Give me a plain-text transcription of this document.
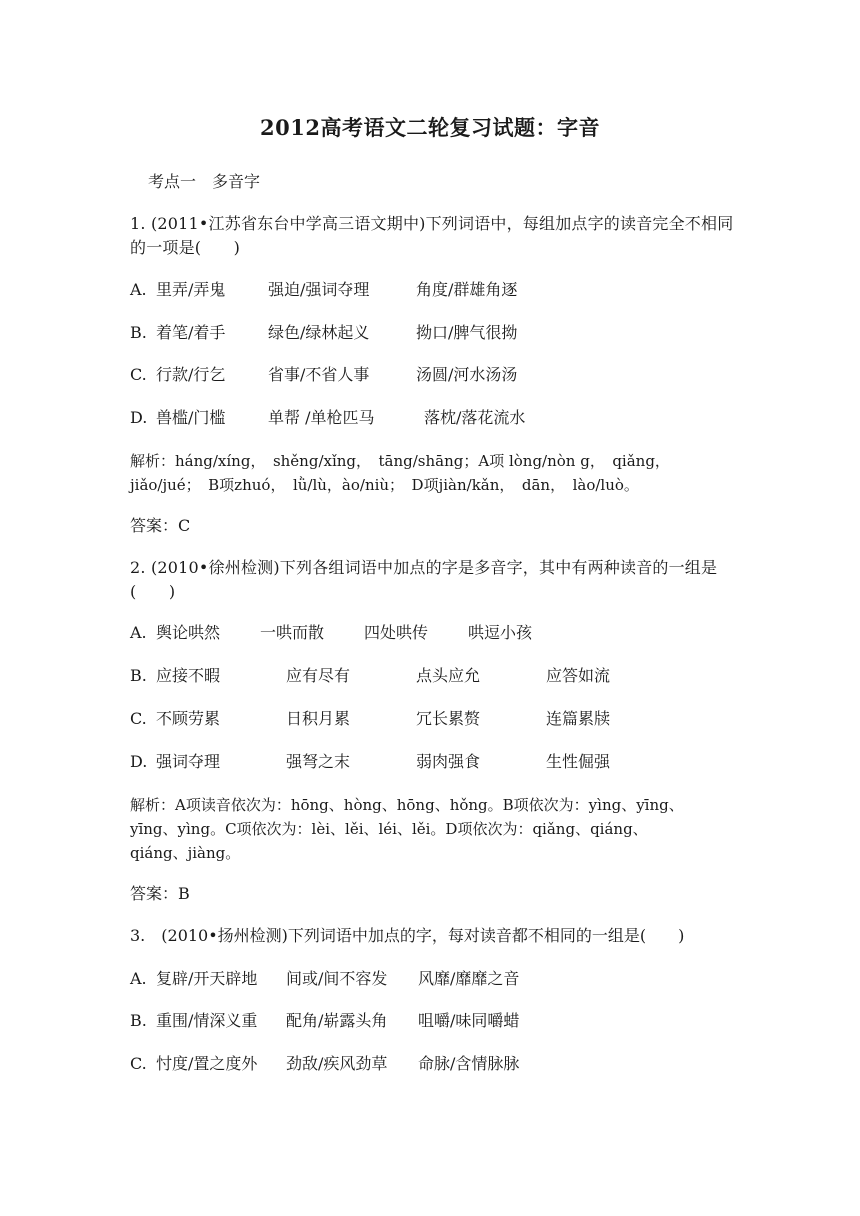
2012高考语文二轮复习试题：字音
考点一　多音字
1. (2011•江苏省东台中学高三语文期中)下列词语中，每组加点字的读音完全不相同的一项是(　　)
A. 里弄/弄鬼	强迫/强词夺理	角度/群雄角逐
B. 着笔/着手	绿色/绿林起义	拗口/脾气很拗
C. 行款/行乞	省事/不省人事	汤圆/河水汤汤
D. 兽槛/门槛	单帮 /单枪匹马	落枕/落花流水
解析：háng/xíng，　shěng/xǐng，　tāng/shāng；A项 lòng/nòn g，　qiǎng，
jiǎo/jué；　B项zhuó，　lǜ/lù，ào/niù；　D项jiàn/kǎn，　dān，　lào/luò。
答案：C
2. (2010•徐州检测)下列各组词语中加点的字是多音字，其中有两种读音的一组是(　　)
A. 舆论哄然	一哄而散	四处哄传	哄逗小孩
B. 应接不暇	应有尽有	点头应允	应答如流
C. 不顾劳累	日积月累	冗长累赘	连篇累牍
D. 强词夺理	强弩之末	弱肉强食	生性倔强
解析：A项读音依次为：hōng、hòng、hōng、hǒng。B项依次为：yìng、yīng、
yīng、yìng。C项依次为：lèi、lěi、léi、lěi。D项依次为：qiǎng、qiáng、
qiáng、jiàng。
答案：B
3.　(2010•扬州检测)下列词语中加点的字，每对读音都不相同的一组是(　　)
A. 复辟/开天辟地	间或/间不容发	风靡/靡靡之音
B. 重围/情深义重	配角/崭露头角	咀嚼/味同嚼蜡
C. 忖度/置之度外	劲敌/疾风劲草	命脉/含情脉脉
